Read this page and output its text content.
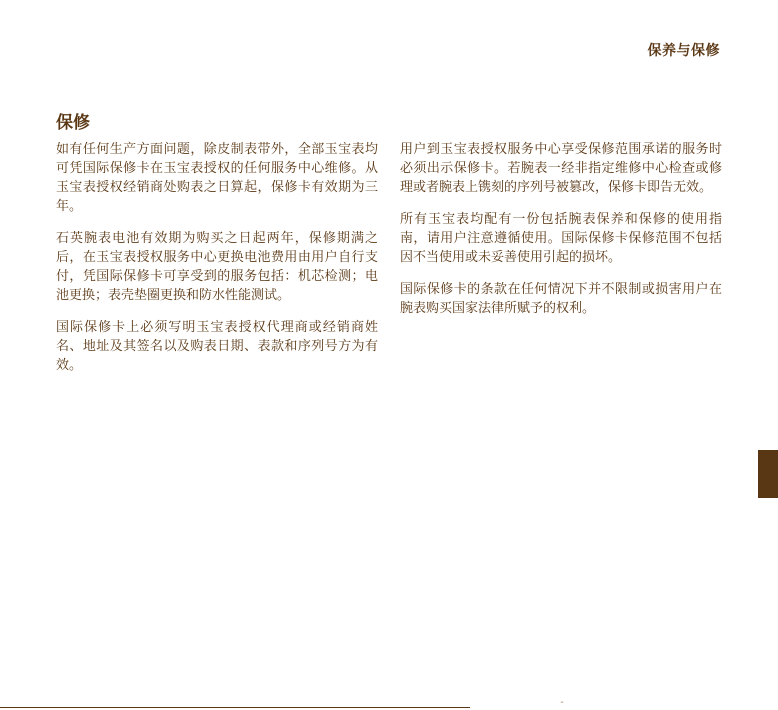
保养与保修
保修

如有任何生产方面问题，除皮制表带外，全部玉宝表均可凭国际保修卡在玉宝表授权的任何服务中心维修。从玉宝表授权经销商处购表之日算起，保修卡有效期为三年。

石英腕表电池有效期为购买之日起两年，保修期满之后，在玉宝表授权服务中心更换电池费用由用户自行支付，凭国际保修卡可享受到的服务包括：机芯检测；电池更换；表壳垫圈更换和防水性能测试。

国际保修卡上必须写明玉宝表授权代理商或经销商姓名、地址及其签名以及购表日期、表款和序列号方为有效。

用户到玉宝表授权服务中心享受保修范围承诺的服务时必须出示保修卡。若腕表一经非指定维修中心检查或修理或者腕表上镌刻的序列号被篡改，保修卡即告无效。

所有玉宝表均配有一份包括腕表保养和保修的使用指南，请用户注意遵循使用。国际保修卡保修范围不包括因不当使用或未妥善使用引起的损坏。

国际保修卡的条款在任何情况下并不限制或损害用户在腕表购买国家法律所赋予的权利。

¨
